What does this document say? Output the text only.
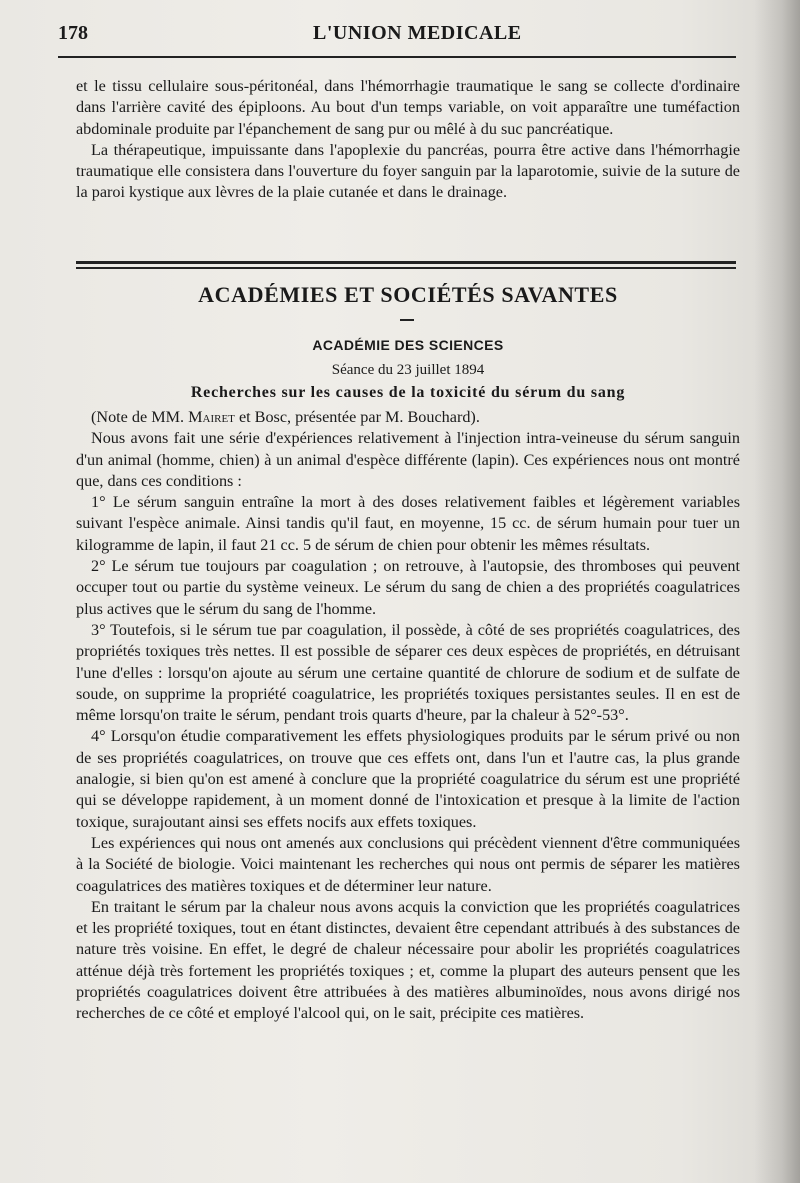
178	L'UNION MEDICALE

et le tissu cellulaire sous-péritonéal, dans l'hémorrhagie traumatique le sang se collecte d'ordinaire dans l'arrière cavité des épiploons. Au bout d'un temps variable, on voit apparaître une tuméfaction abdominale produite par l'épanchement de sang pur ou mêlé à du suc pancréatique.

La thérapeutique, impuissante dans l'apoplexie du pancréas, pourra être active dans l'hémorrhagie traumatique elle consistera dans l'ouverture du foyer sanguin par la laparotomie, suivie de la suture de la paroi kystique aux lèvres de la plaie cutanée et dans le drainage.

ACADÉMIES ET SOCIÉTÉS SAVANTES
ACADÉMIE DES SCIENCES
Séance du 23 juillet 1894
Recherches sur les causes de la toxicité du sérum du sang

(Note de MM. Mairet et Bosc, présentée par M. Bouchard).

Nous avons fait une série d'expériences relativement à l'injection intra-veineuse du sérum sanguin d'un animal (homme, chien) à un animal d'espèce différente (lapin). Ces expériences nous ont montré que, dans ces conditions :

1° Le sérum sanguin entraîne la mort à des doses relativement faibles et légèrement variables suivant l'espèce animale. Ainsi tandis qu'il faut, en moyenne, 15 cc. de sérum humain pour tuer un kilogramme de lapin, il faut 21 cc. 5 de sérum de chien pour obtenir les mêmes résultats.

2° Le sérum tue toujours par coagulation ; on retrouve, à l'autopsie, des thromboses qui peuvent occuper tout ou partie du système veineux. Le sérum du sang de chien a des propriétés coagulatrices plus actives que le sérum du sang de l'homme.

3° Toutefois, si le sérum tue par coagulation, il possède, à côté de ses propriétés coagulatrices, des propriétés toxiques très nettes. Il est possible de séparer ces deux espèces de propriétés, en détruisant l'une d'elles : lorsqu'on ajoute au sérum une certaine quantité de chlorure de sodium et de sulfate de soude, on supprime la propriété coagulatrice, les propriétés toxiques persistantes seules. Il en est de même lorsqu'on traite le sérum, pendant trois quarts d'heure, par la chaleur à 52°-53°.

4° Lorsqu'on étudie comparativement les effets physiologiques produits par le sérum privé ou non de ses propriétés coagulatrices, on trouve que ces effets ont, dans l'un et l'autre cas, la plus grande analogie, si bien qu'on est amené à conclure que la propriété coagulatrice du sérum est une propriété qui se développe rapidement, à un moment donné de l'intoxication et presque à la limite de l'action toxique, surajoutant ainsi ses effets nocifs aux effets toxiques.

Les expériences qui nous ont amenés aux conclusions qui précèdent viennent d'être communiquées à la Société de biologie. Voici maintenant les recherches qui nous ont permis de séparer les matières coagulatrices des matières toxiques et de déterminer leur nature.

En traitant le sérum par la chaleur nous avons acquis la conviction que les propriétés coagulatrices et les propriété toxiques, tout en étant distinctes, devaient être cependant attribués à des substances de nature très voisine. En effet, le degré de chaleur nécessaire pour abolir les propriétés coagulatrices atténue déjà très fortement les propriétés toxiques ; et, comme la plupart des auteurs pensent que les propriétés coagulatrices doivent être attribuées à des matières albuminoïdes, nous avons dirigé nos recherches de ce côté et employé l'alcool qui, on le sait, précipite ces matières.
